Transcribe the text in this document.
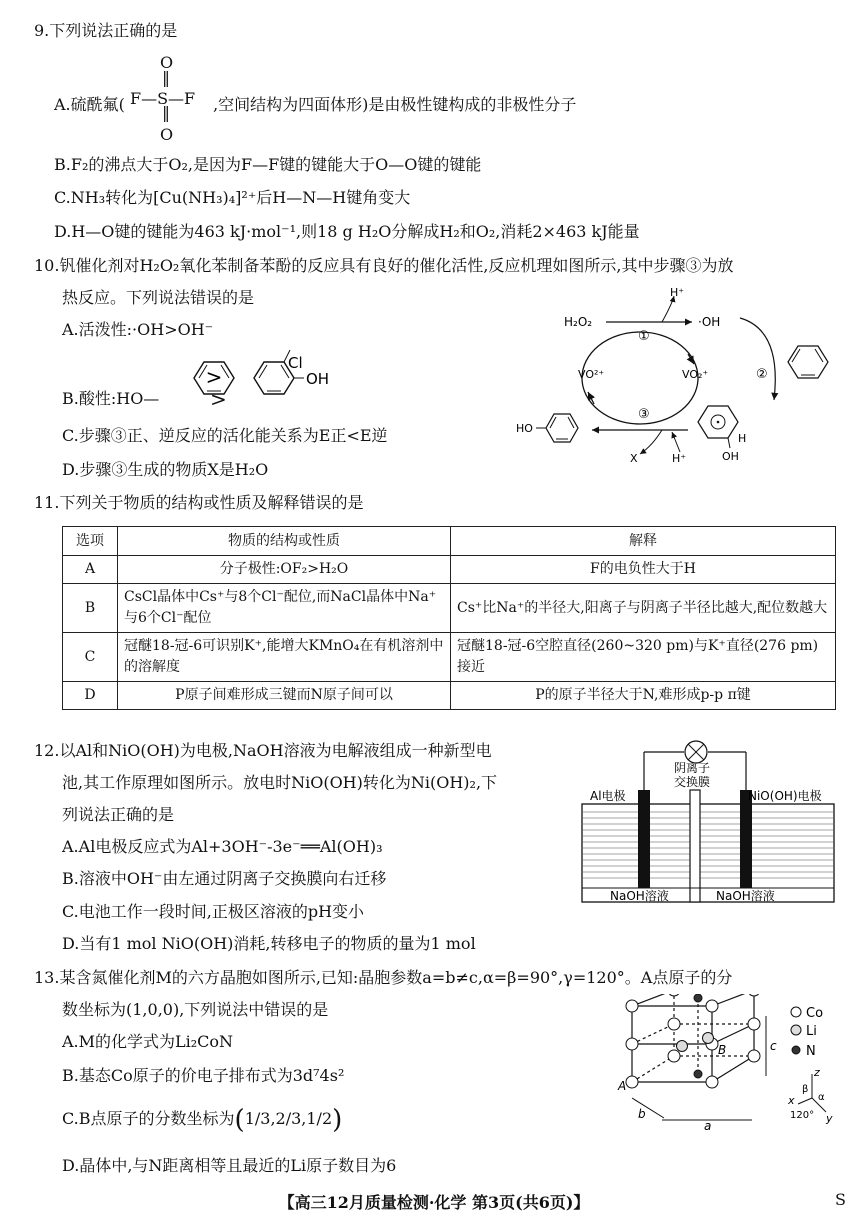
9.下列说法正确的是
A.硫酰氟( F—S—F
O
‖
‖
O
,空间结构为四面体形)是由极性键构成的非极性分子
B.F₂的沸点大于O₂,是因为F—F键的键能大于O—O键的键能
C.NH₃转化为[Cu(NH₃)₄]²⁺后H—N—H键角变大
D.H—O键的键能为463 kJ·mol⁻¹,则18 g H₂O分解成H₂和O₂,消耗2×463 kJ能量
10.钒催化剂对H₂O₂氧化苯制备苯酚的反应具有良好的催化活性,反应机理如图所示,其中步骤③为放
热反应。下列说法错误的是
A.活泼性:·OH>OH⁻
B.酸性:HO—
>
Cl
OH
>
C.步骤③正、逆反应的活化能关系为E正<E逆
D.步骤③生成的物质X是H₂O
H₂O₂
H⁺
·OH
①
VO²⁺	VO₂⁺
③
②
H
OH
X	H⁺
HO
11.下列关于物质的结构或性质及解释错误的是
选项	物质的结构或性质	解释
A	分子极性:OF₂>H₂O	F的电负性大于H
B	CsCl晶体中Cs⁺与8个Cl⁻配位,而NaCl晶体中Na⁺与6个Cl⁻配位	Cs⁺比Na⁺的半径大,阳离子与阴离子半径比越大,配位数越大
C	冠醚18-冠-6可识别K⁺,能增大KMnO₄在有机溶剂中的溶解度	冠醚18-冠-6空腔直径(260~320 pm)与K⁺直径(276 pm)接近
D	P原子间难形成三键而N原子间可以	P的原子半径大于N,难形成p-p π键
12.以Al和NiO(OH)为电极,NaOH溶液为电解液组成一种新型电
池,其工作原理如图所示。放电时NiO(OH)转化为Ni(OH)₂,下
列说法正确的是
A.Al电极反应式为Al+3OH⁻-3e⁻══Al(OH)₃
B.溶液中OH⁻由左通过阴离子交换膜向右迁移
C.电池工作一段时间,正极区溶液的pH变小
D.当有1 mol NiO(OH)消耗,转移电子的物质的量为1 mol
Al电极
阴离子
交换膜
NiO(OH)电极
NaOH溶液	NaOH溶液
13.某含氮催化剂M的六方晶胞如图所示,已知:晶胞参数a=b≠c,α=β=90°,γ=120°。A点原子的分
数坐标为(1,0,0),下列说法中错误的是
A.M的化学式为Li₂CoN
B.基态Co原子的价电子排布式为3d⁷4s²
C.B点原子的分数坐标为(1/3,2/3,1/2)
D.晶体中,与N距离相等且最近的Li原子数目为6
A
B	c
b
a
Co
Li
N
z
x
y
β
α
120°
【高三12月质量检测·化学 第3页(共6页)】	S
